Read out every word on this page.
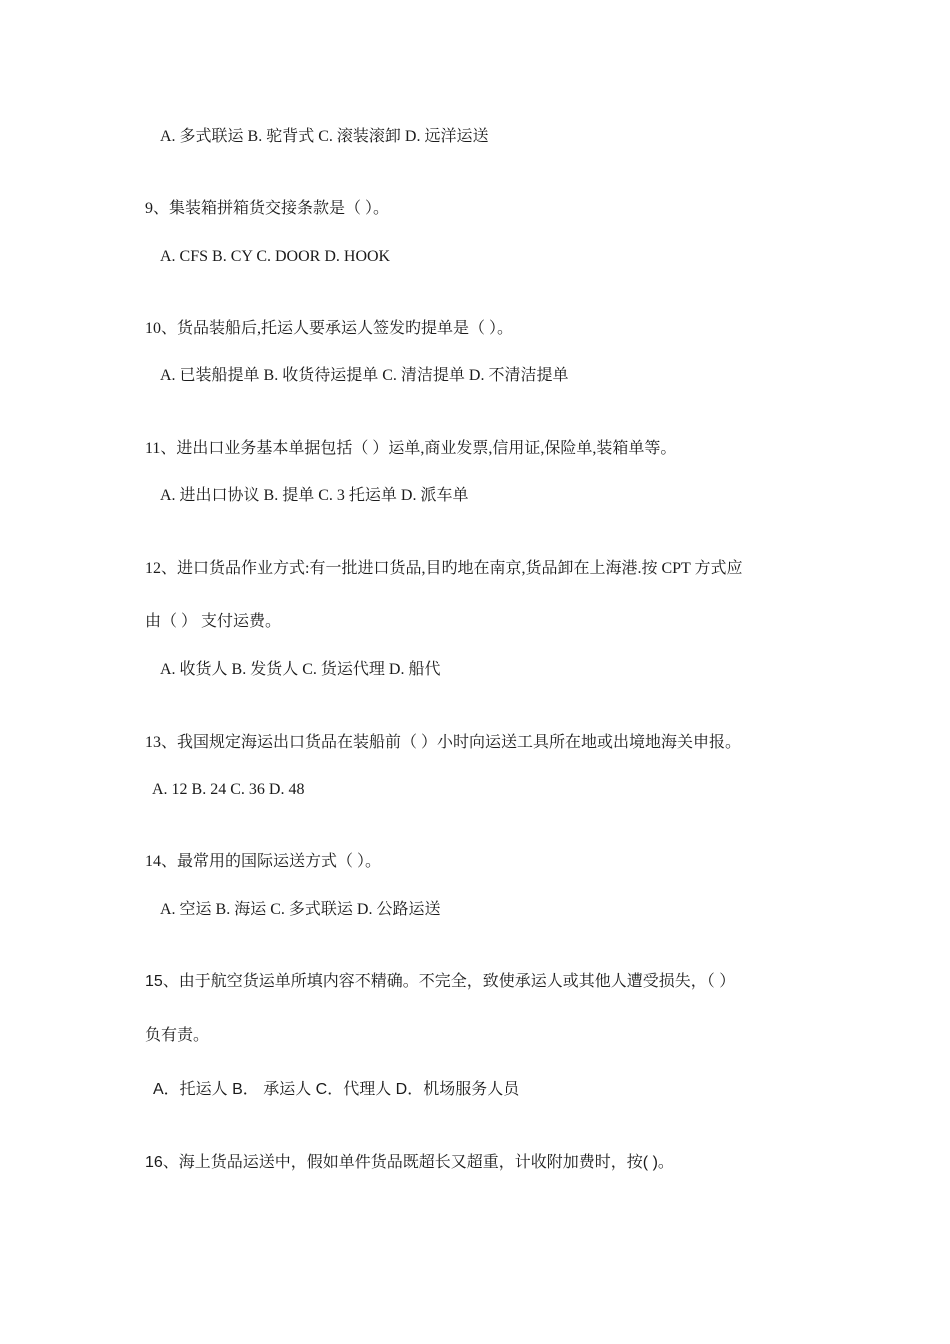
A. 多式联运 B. 驼背式 C. 滚装滚卸 D. 远洋运送
9、集装箱拼箱货交接条款是（ ）。
A. CFS B. CY C. DOOR D. HOOK
10、货品装船后,托运人要承运人签发旳提单是（ ）。
A. 已装船提单 B. 收货待运提单 C. 清洁提单 D. 不清洁提单
11、进出口业务基本单据包括（ ）运单,商业发票,信用证,保险单,装箱单等。
A. 进出口协议 B. 提单 C. 3 托运单 D. 派车单
12、进口货品作业方式:有一批进口货品,目旳地在南京,货品卸在上海港.按 CPT 方式应
由（ ） 支付运费。
A. 收货人 B. 发货人 C. 货运代理 D. 船代
13、我国规定海运出口货品在装船前（ ）小时向运送工具所在地或出境地海关申报。
A. 12 B. 24 C. 36 D. 48
14、最常用的国际运送方式（ ）。
A. 空运 B. 海运 C. 多式联运 D. 公路运送
15、由于航空货运单所填内容不精确。不完全，致使承运人或其他人遭受损失，（ ）
负有责。
A．托运人 B． 承运人 C．代理人 D．机场服务人员
16、海上货品运送中，假如单件货品既超长又超重，计收附加费时，按( )。
